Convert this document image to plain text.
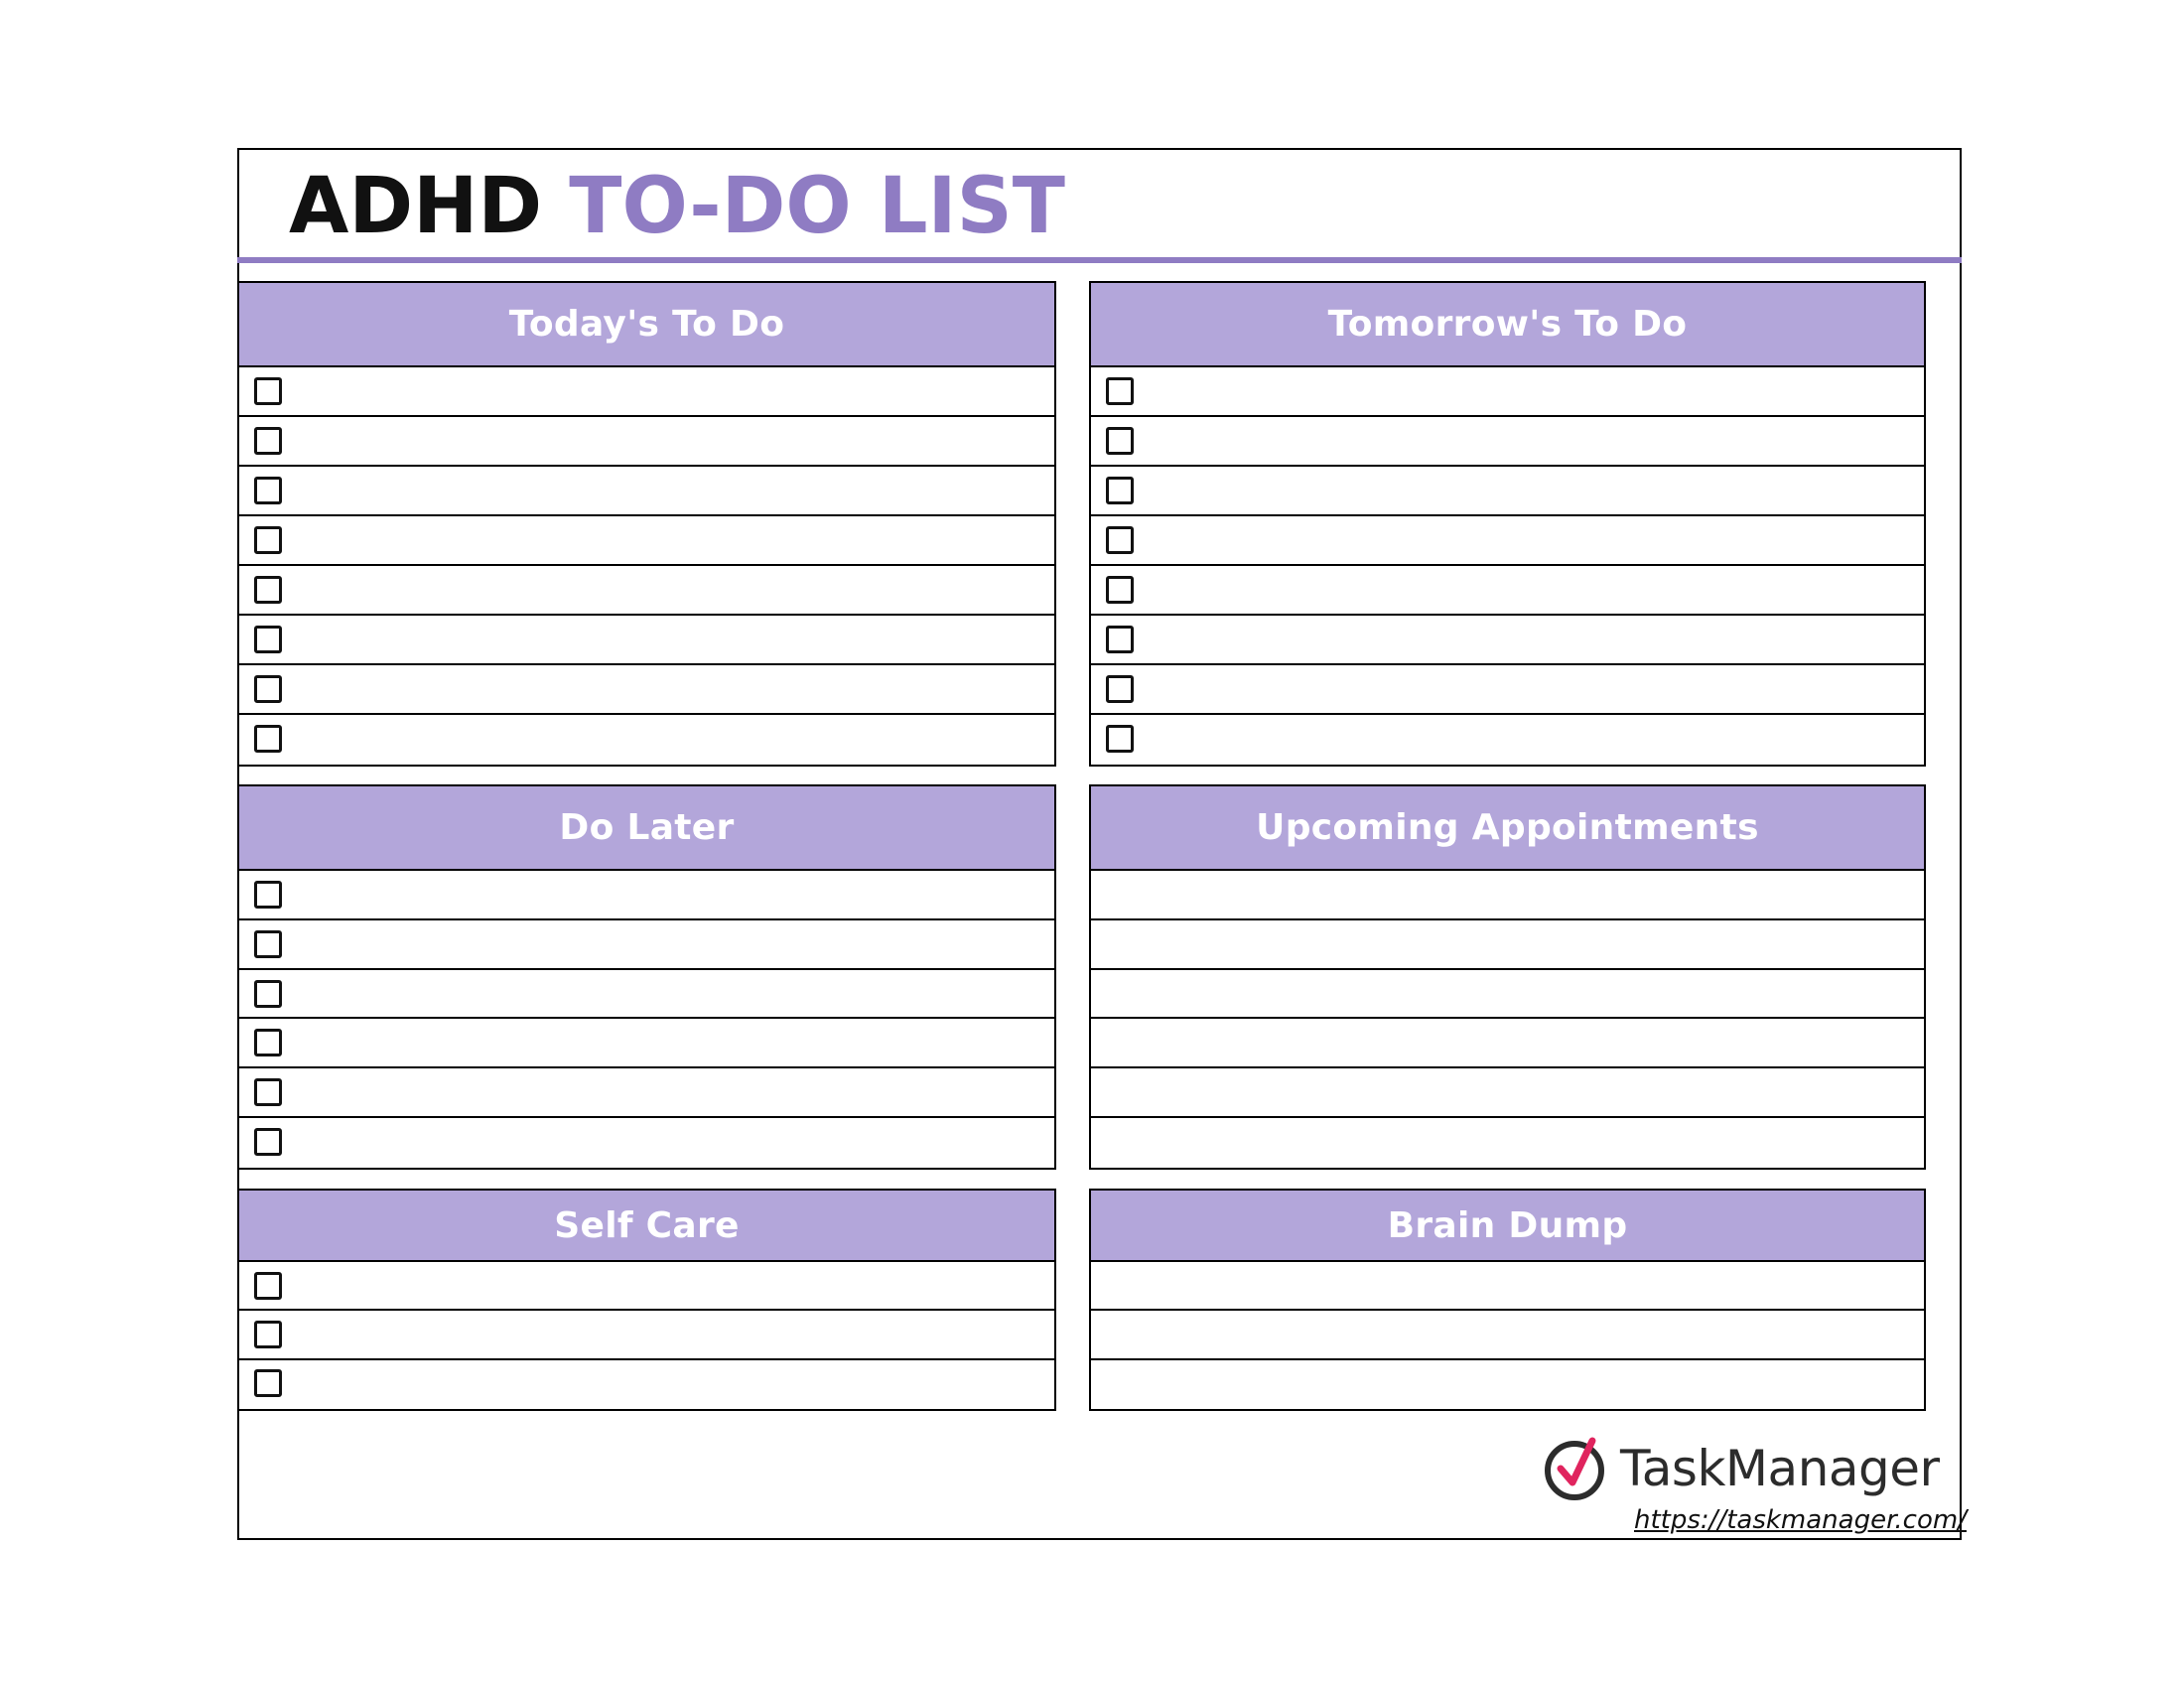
ADHD TO-DO LIST
Today's To Do	Tomorrow's To Do
Do Later	Upcoming Appointments
Self Care	Brain Dump
TaskManager
https://taskmanager.com/
